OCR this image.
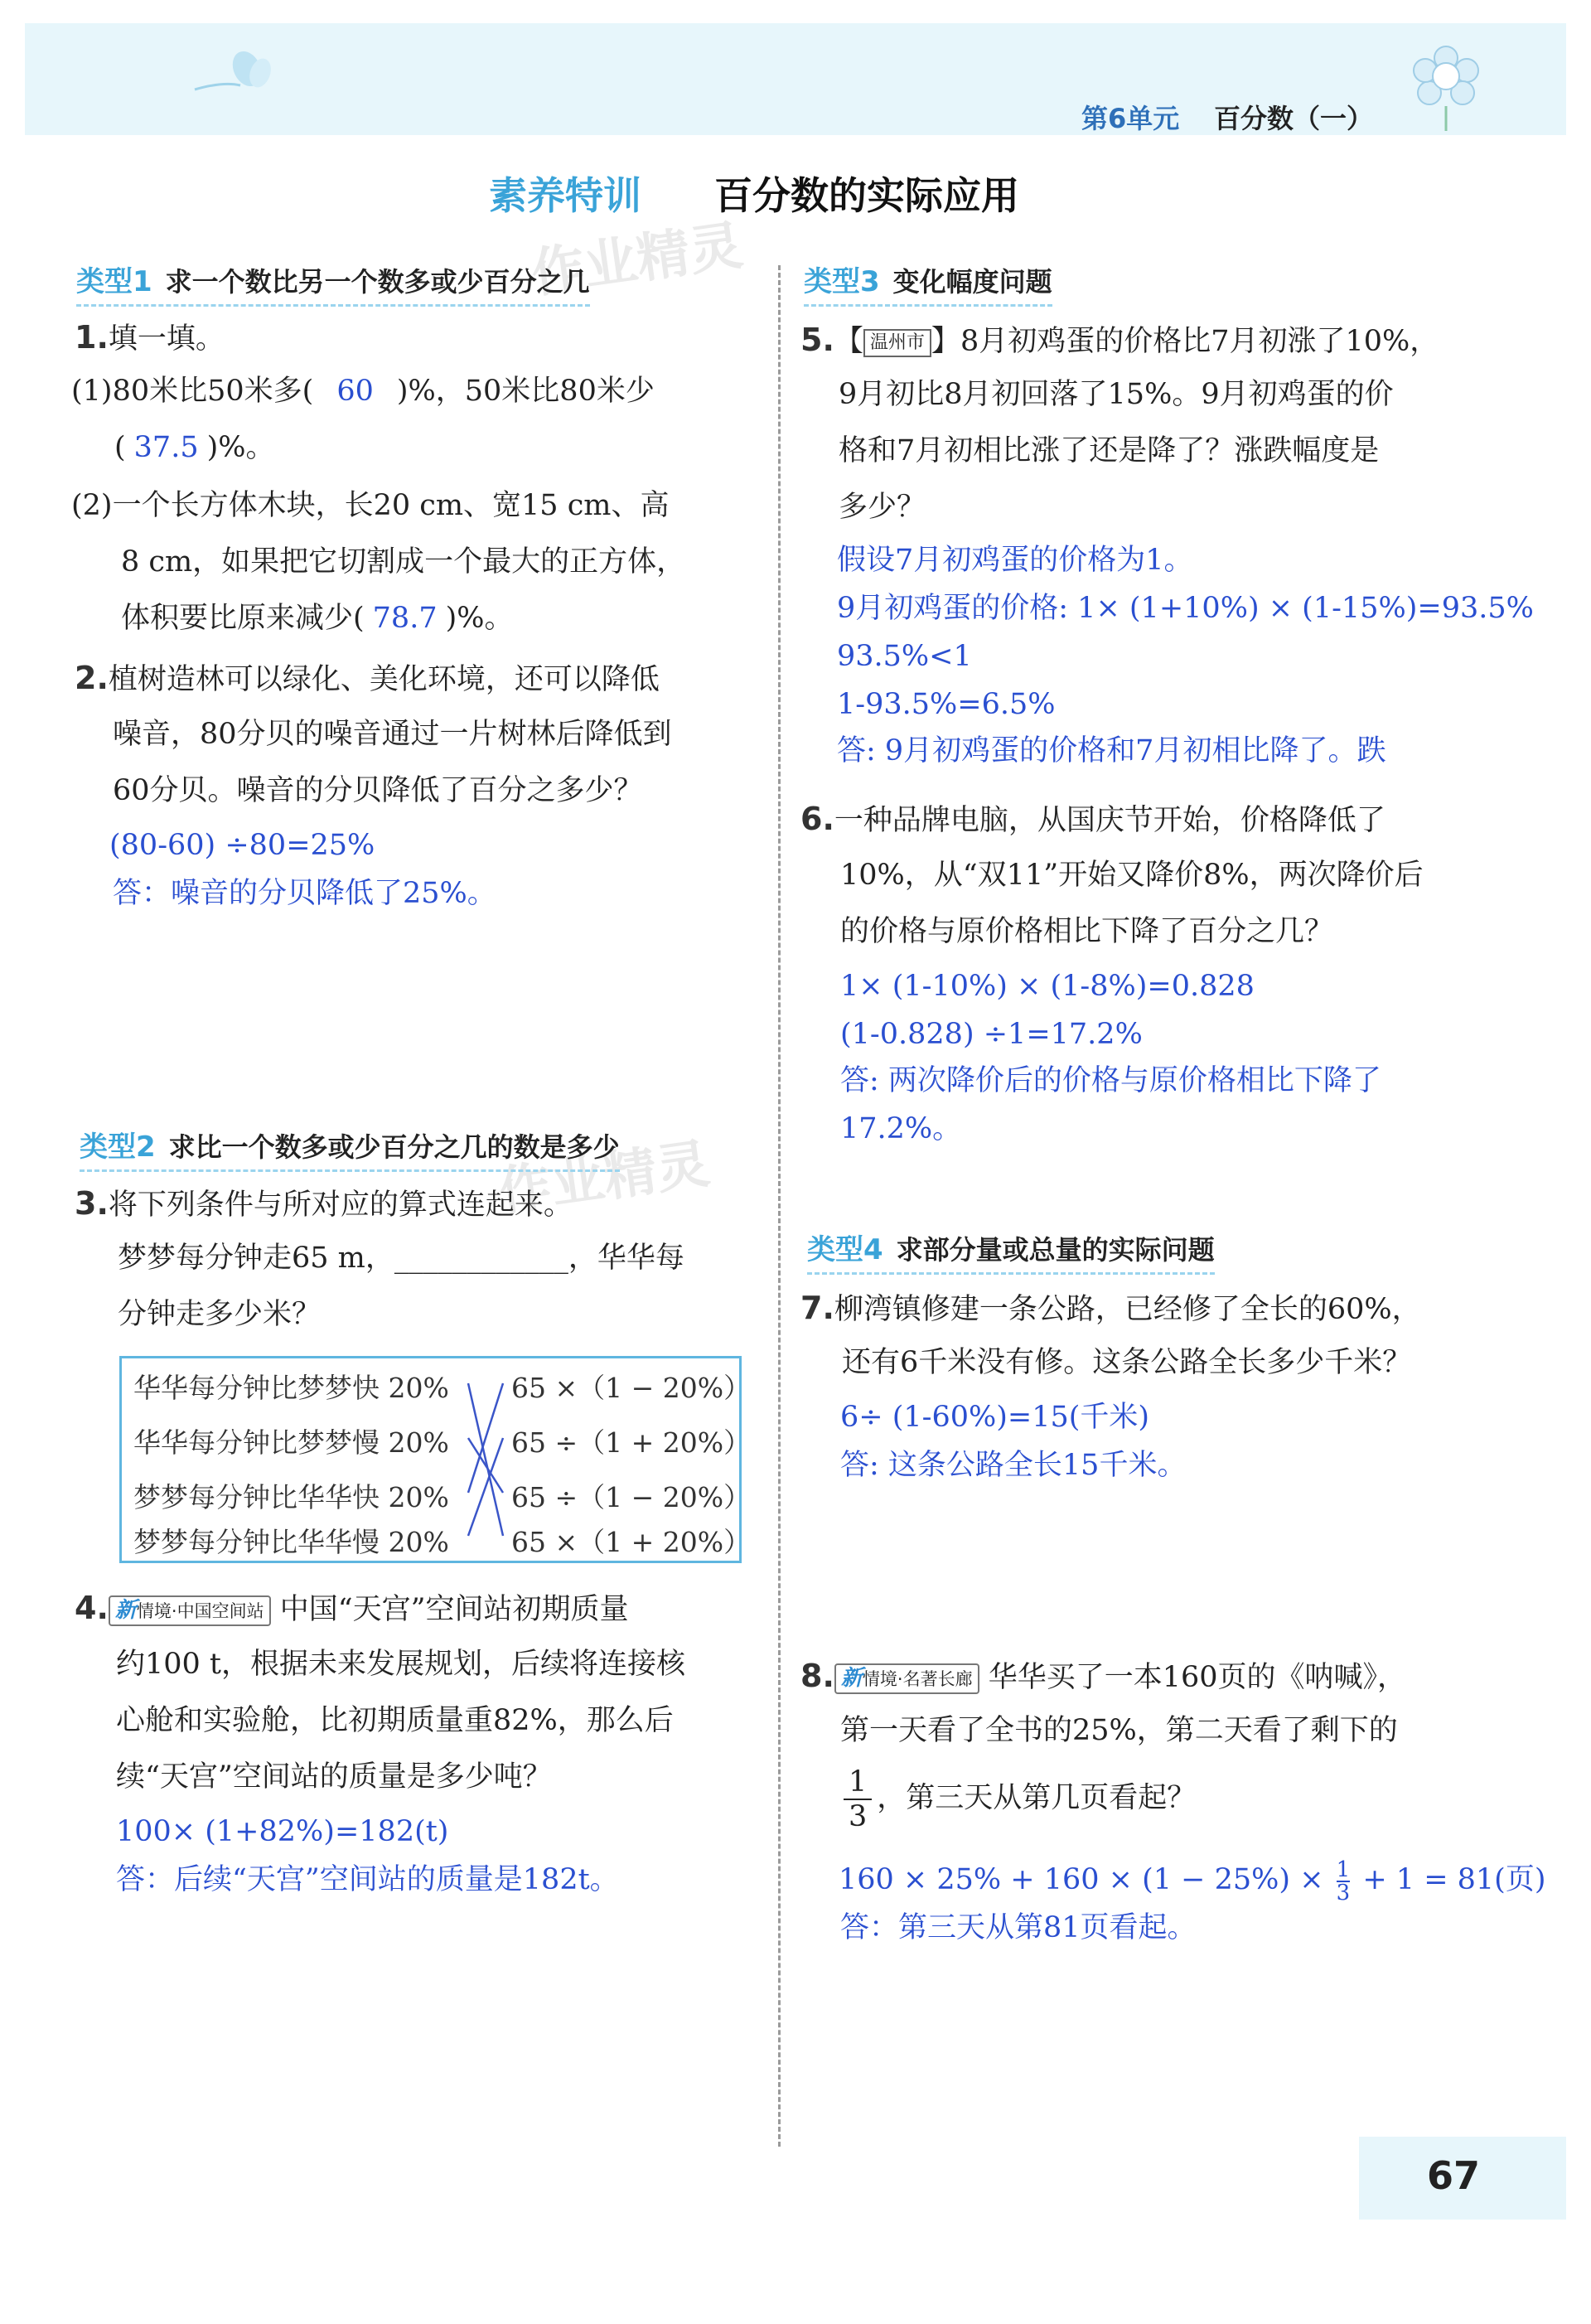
第6单元 百分数（一）
素养特训 百分数的实际应用
作业精灵
作业精灵
类型1 求一个数比另一个数多或少百分之几
1.填一填。
(1)80米比50米多( 60 )%，50米比80米少
( 37.5 )%。
(2)一个长方体木块，长20 cm、宽15 cm、高
8 cm，如果把它切割成一个最大的正方体，
体积要比原来减少( 78.7 )%。
2.植树造林可以绿化、美化环境，还可以降低
噪音，80分贝的噪音通过一片树林后降低到
60分贝。噪音的分贝降低了百分之多少？
(80-60) ÷80=25%
答：噪音的分贝降低了25%。
类型2 求比一个数多或少百分之几的数是多少
3.将下列条件与所对应的算式连起来。
梦梦每分钟走65 m，____________，华华每
分钟走多少米？
华华每分钟比梦梦快 20%
华华每分钟比梦梦慢 20%
梦梦每分钟比华华快 20%
梦梦每分钟比华华慢 20%
65 ×（1 − 20%）
65 ÷（1 + 20%）
65 ÷（1 − 20%）
65 ×（1 + 20%）
4. 新情境·中国空间站 中国“天宫”空间站初期质量
约100 t，根据未来发展规划，后续将连接核
心舱和实验舱，比初期质量重82%，那么后
续“天宫”空间站的质量是多少吨？
100× (1+82%)=182(t)
答：后续“天宫”空间站的质量是182t。
类型3 变化幅度问题
5.【 温州市 】8月初鸡蛋的价格比7月初涨了10%，
9月初比8月初回落了15%。9月初鸡蛋的价
格和7月初相比涨了还是降了？涨跌幅度是
多少？
假设7月初鸡蛋的价格为1。
9月初鸡蛋的价格: 1× (1+10%) × (1-15%)=93.5%
93.5%<1
1-93.5%=6.5%
答: 9月初鸡蛋的价格和7月初相比降了。跌
6.一种品牌电脑，从国庆节开始，价格降低了
10%，从“双11”开始又降价8%，两次降价后
的价格与原价格相比下降了百分之几？
1× (1-10%) × (1-8%)=0.828
(1-0.828) ÷1=17.2%
答: 两次降价后的价格与原价格相比下降了
17.2%。
类型4 求部分量或总量的实际问题
7.柳湾镇修建一条公路，已经修了全长的60%，
还有6千米没有修。这条公路全长多少千米？
6÷ (1-60%)=15(千米)
答: 这条公路全长15千米。
8. 新情境·名著长廊 华华买了一本160页的《呐喊》，
第一天看了全书的25%，第二天看了剩下的
$\frac{1}{3}$ ，第三天从第几页看起？
$160 \times 25\% + 160 \times (1 - 25\%) \times \frac{1}{3} + 1 = 81$(页)
答：第三天从第81页看起。
67
